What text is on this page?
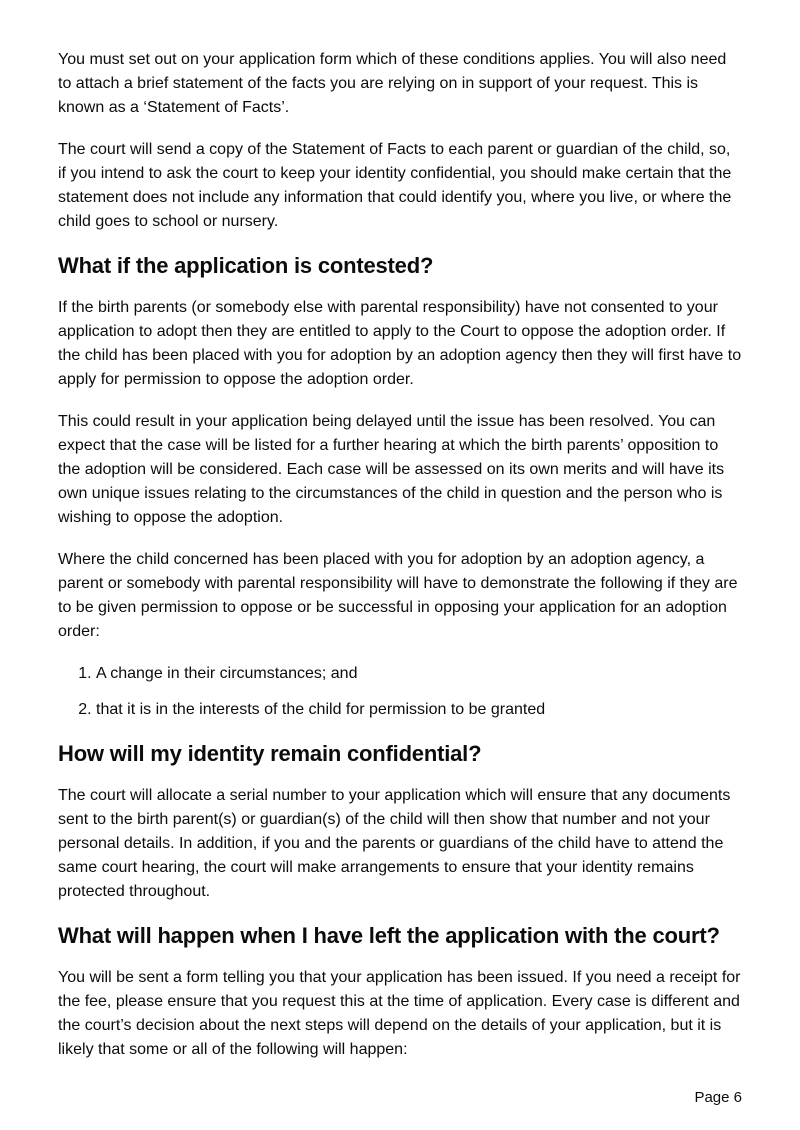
You must set out on your application form which of these conditions applies. You will also need to attach a brief statement of the facts you are relying on in support of your request. This is known as a ‘Statement of Facts’.

The court will send a copy of the Statement of Facts to each parent or guardian of the child, so, if you intend to ask the court to keep your identity confidential, you should make certain that the statement does not include any information that could identify you, where you live, or where the child goes to school or nursery.

What if the application is contested?

If the birth parents (or somebody else with parental responsibility) have not consented to your application to adopt then they are entitled to apply to the Court to oppose the adoption order. If the child has been placed with you for adoption by an adoption agency then they will first have to apply for permission to oppose the adoption order.

This could result in your application being delayed until the issue has been resolved. You can expect that the case will be listed for a further hearing at which the birth parents’ opposition to the adoption will be considered. Each case will be assessed on its own merits and will have its own unique issues relating to the circumstances of the child in question and the person who is wishing to oppose the adoption.

Where the child concerned has been placed with you for adoption by an adoption agency, a parent or somebody with parental responsibility will have to demonstrate the following if they are to be given permission to oppose or be successful in opposing your application for an adoption order:

1. A change in their circumstances; and
2. that it is in the interests of the child for permission to be granted
How will my identity remain confidential?

The court will allocate a serial number to your application which will ensure that any documents sent to the birth parent(s) or guardian(s) of the child will then show that number and not your personal details. In addition, if you and the parents or guardians of the child have to attend the same court hearing, the court will make arrangements to ensure that your identity remains protected throughout.

What will happen when I have left the application with the court?

You will be sent a form telling you that your application has been issued. If you need a receipt for the fee, please ensure that you request this at the time of application. Every case is different and the court’s decision about the next steps will depend on the details of your application, but it is likely that some or all of the following will happen:

Page 6
